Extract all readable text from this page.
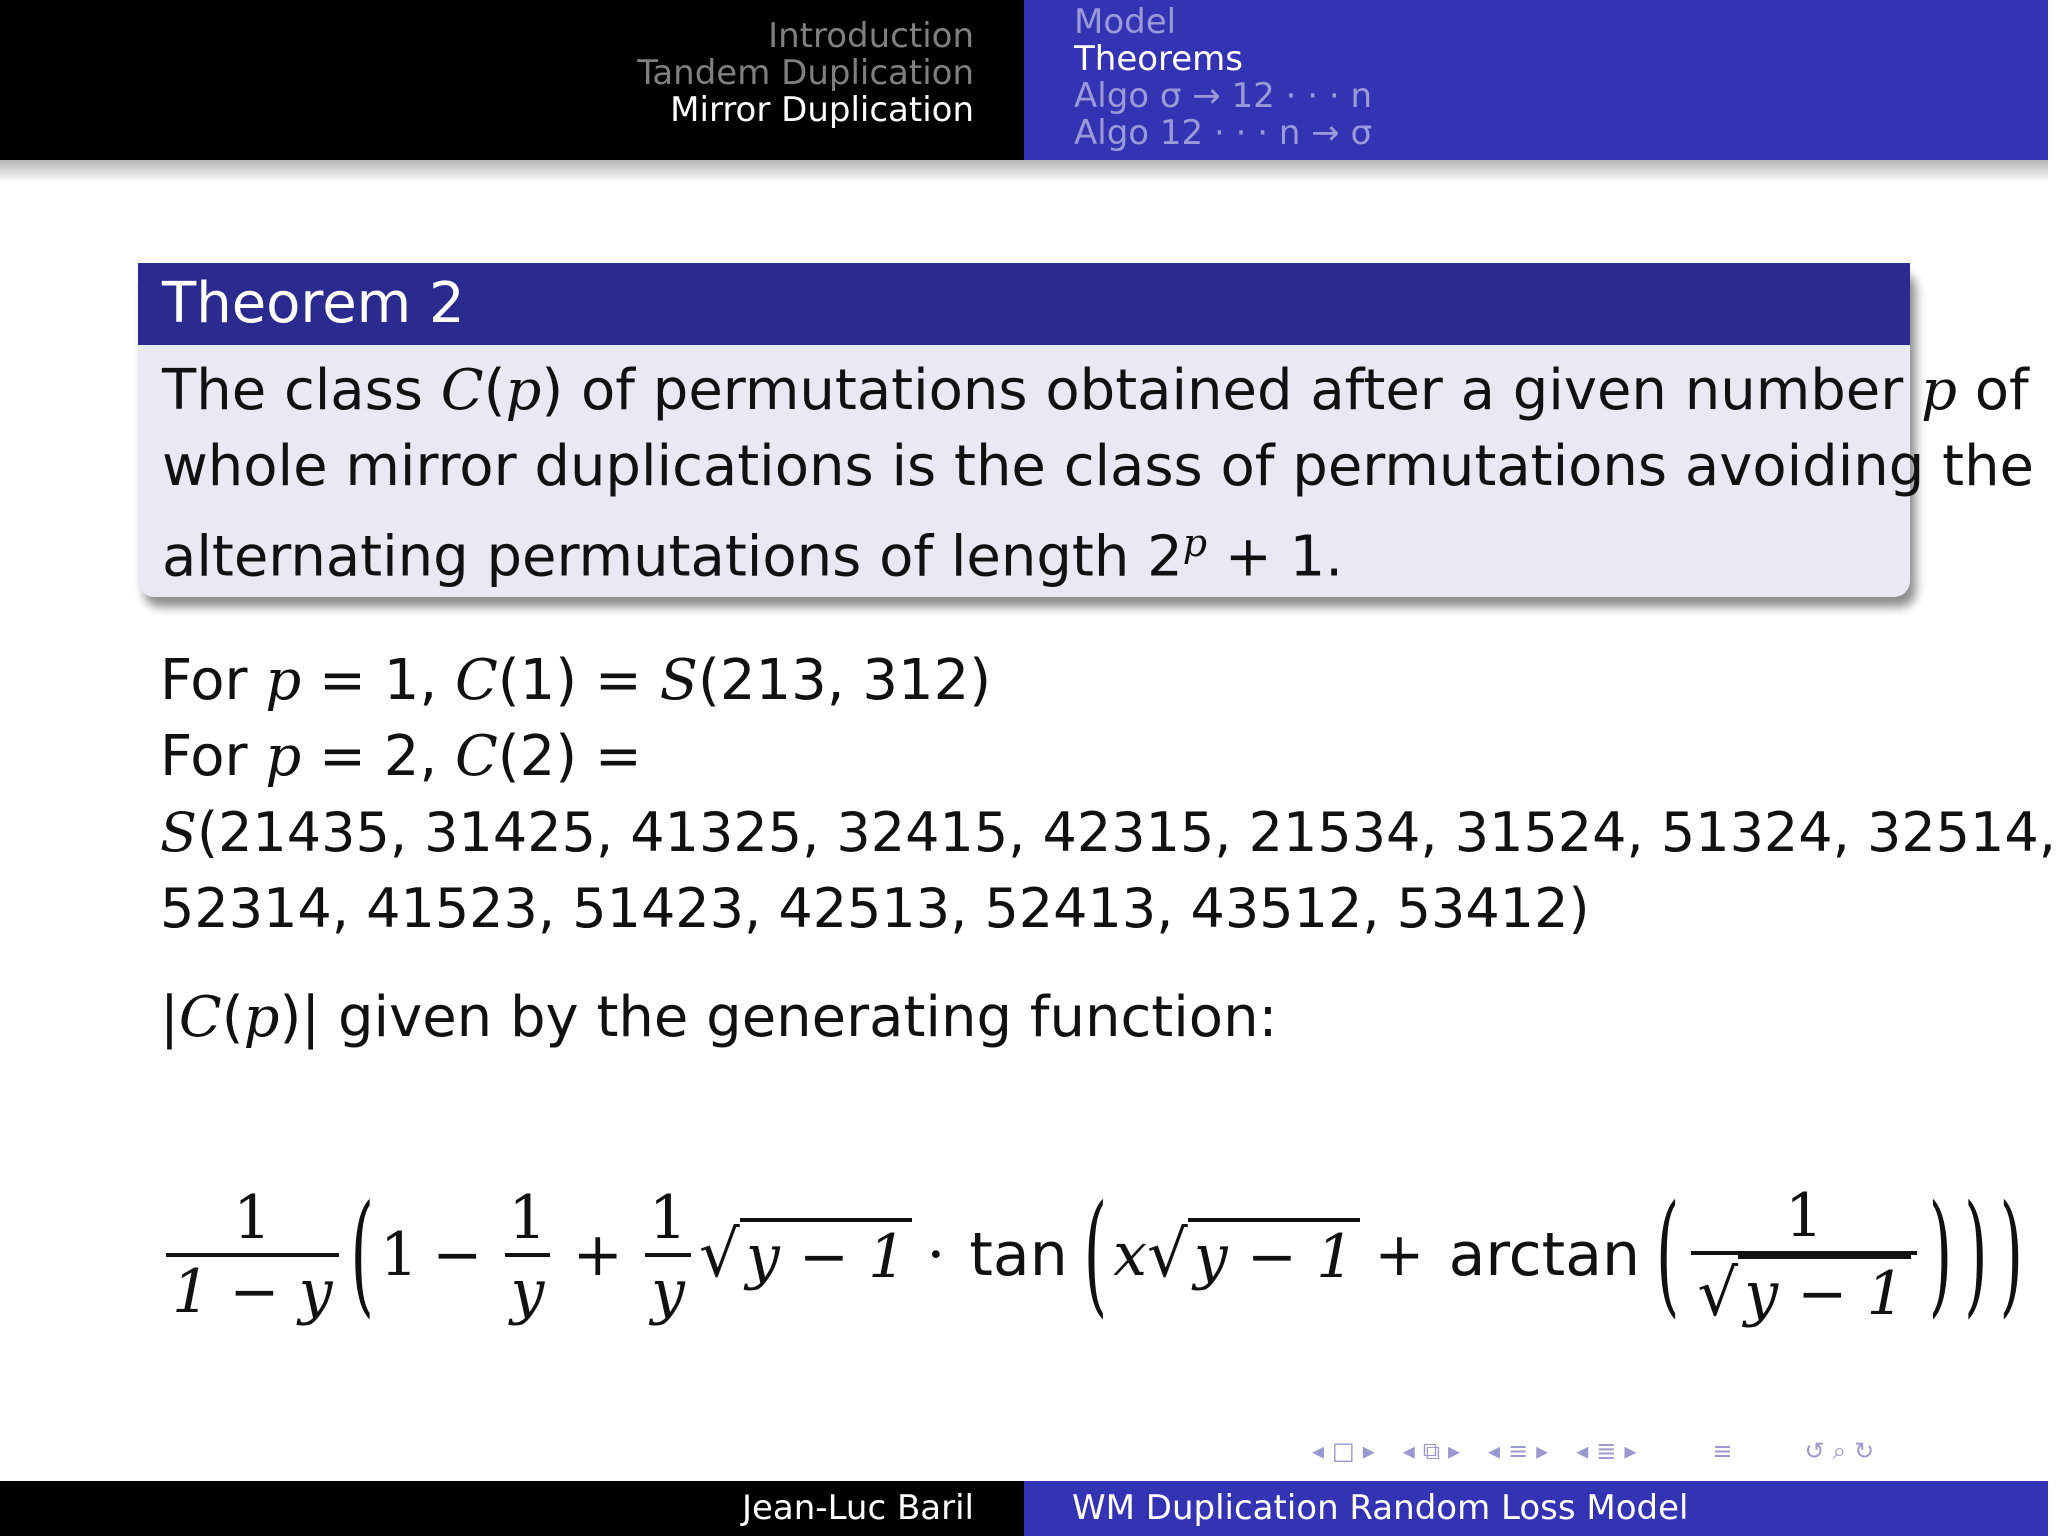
Introduction
Tandem Duplication
Mirror Duplication
Model
Theorems
Algo σ → 12 · · · n
Algo 12 · · · n → σ
Theorem 2
The class C(p) of permutations obtained after a given number p of
whole mirror duplications is the class of permutations avoiding the
alternating permutations of length $2^p + 1$.
For p = 1, C(1) = S(213, 312)
For p = 2, C(2) =
S(21435, 31425, 41325, 32415, 42315, 21534, 31524, 51324, 32514,
52314, 41523, 51423, 42513, 52413, 43512, 53412)
|C(p)| given by the generating function:
$\frac{1}{1 - y}$ ( $1 - \frac{1}{y} + \frac{1}{y}$ √ y − 1 · tan ( x √ y − 1 + arctan ( $\frac{1}{√ y - 1}$ ) ) )
◂ □ ▸ ◂ ⧉ ▸ ◂ ≡ ▸ ◂ ≣ ▸	≡	↺ ⌕ ↻
Jean-Luc Baril	WM Duplication Random Loss Model
